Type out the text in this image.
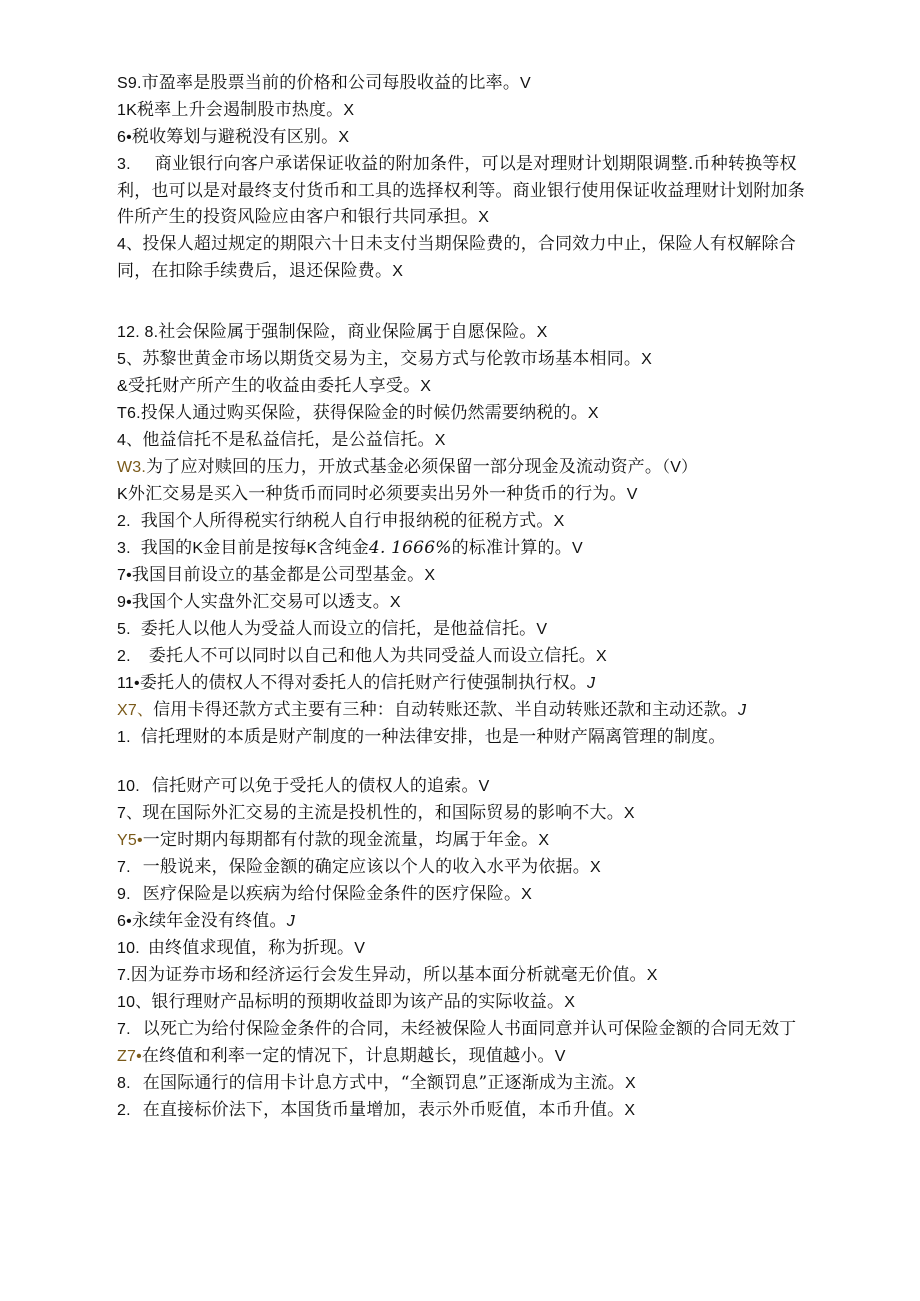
S9.市盈率是股票当前的价格和公司每股收益的比率。V
1K税率上升会遏制股市热度。X
6•税收筹划与避税没有区别。X
3. 商业银行向客户承诺保证收益的附加条件，可以是对理财计划期限调整.币种转换等权利，也可以是对最终支付货币和工具的选择权利等。商业银行使用保证收益理财计划附加条件所产生的投资风险应由客户和银行共同承担。X
4、投保人超过规定的期限六十日未支付当期保险费的，合同效力中止，保险人有权解除合同，在扣除手续费后，退还保险费。X
12. 8.社会保险属于强制保险，商业保险属于自愿保险。X
5、苏黎世黄金市场以期货交易为主，交易方式与伦敦市场基本相同。X
&受托财产所产生的收益由委托人享受。X
T6.投保人通过购买保险，获得保险金的时候仍然需要纳税的。X
4、他益信托不是私益信托，是公益信托。X
W3.为了应对赎回的压力，开放式基金必须保留一部分现金及流动资产。（V）
K外汇交易是买入一种货币而同时必须要卖出另外一种货币的行为。V
2. 我国个人所得税实行纳税人自行申报纳税的征税方式。X
3. 我国的K金目前是按每K含纯金4. 1666%的标准计算的。V
7•我国目前设立的基金都是公司型基金。X
9•我国个人实盘外汇交易可以透支。X
5. 委托人以他人为受益人而设立的信托，是他益信托。V
2. 委托人不可以同时以自己和他人为共同受益人而设立信托。X
11•委托人的债权人不得对委托人的信托财产行使强制执行权。J
X7、信用卡得还款方式主要有三种：自动转账还款、半自动转账还款和主动还款。J
1. 信托理财的本质是财产制度的一种法律安排，也是一种财产隔离管理的制度。
10. 信托财产可以免于受托人的债权人的追索。V
7、现在国际外汇交易的主流是投机性的，和国际贸易的影响不大。X
Y5•一定时期内每期都有付款的现金流量，均属于年金。X
7. 一般说来，保险金额的确定应该以个人的收入水平为依据。X
9. 医疗保险是以疾病为给付保险金条件的医疗保险。X
6•永续年金没有终值。J
10. 由终值求现值，称为折现。V
7.因为证券市场和经济运行会发生异动，所以基本面分析就毫无价值。X
10、银行理财产品标明的预期收益即为该产品的实际收益。X
7. 以死亡为给付保险金条件的合同，未经被保险人书面同意并认可保险金额的合同无效丁
Z7•在终值和利率一定的情况下，计息期越长，现值越小。V
8. 在国际通行的信用卡计息方式中，“全额罚息”正逐渐成为主流。X
2. 在直接标价法下，本国货币量增加，表示外币贬值，本币升值。X
